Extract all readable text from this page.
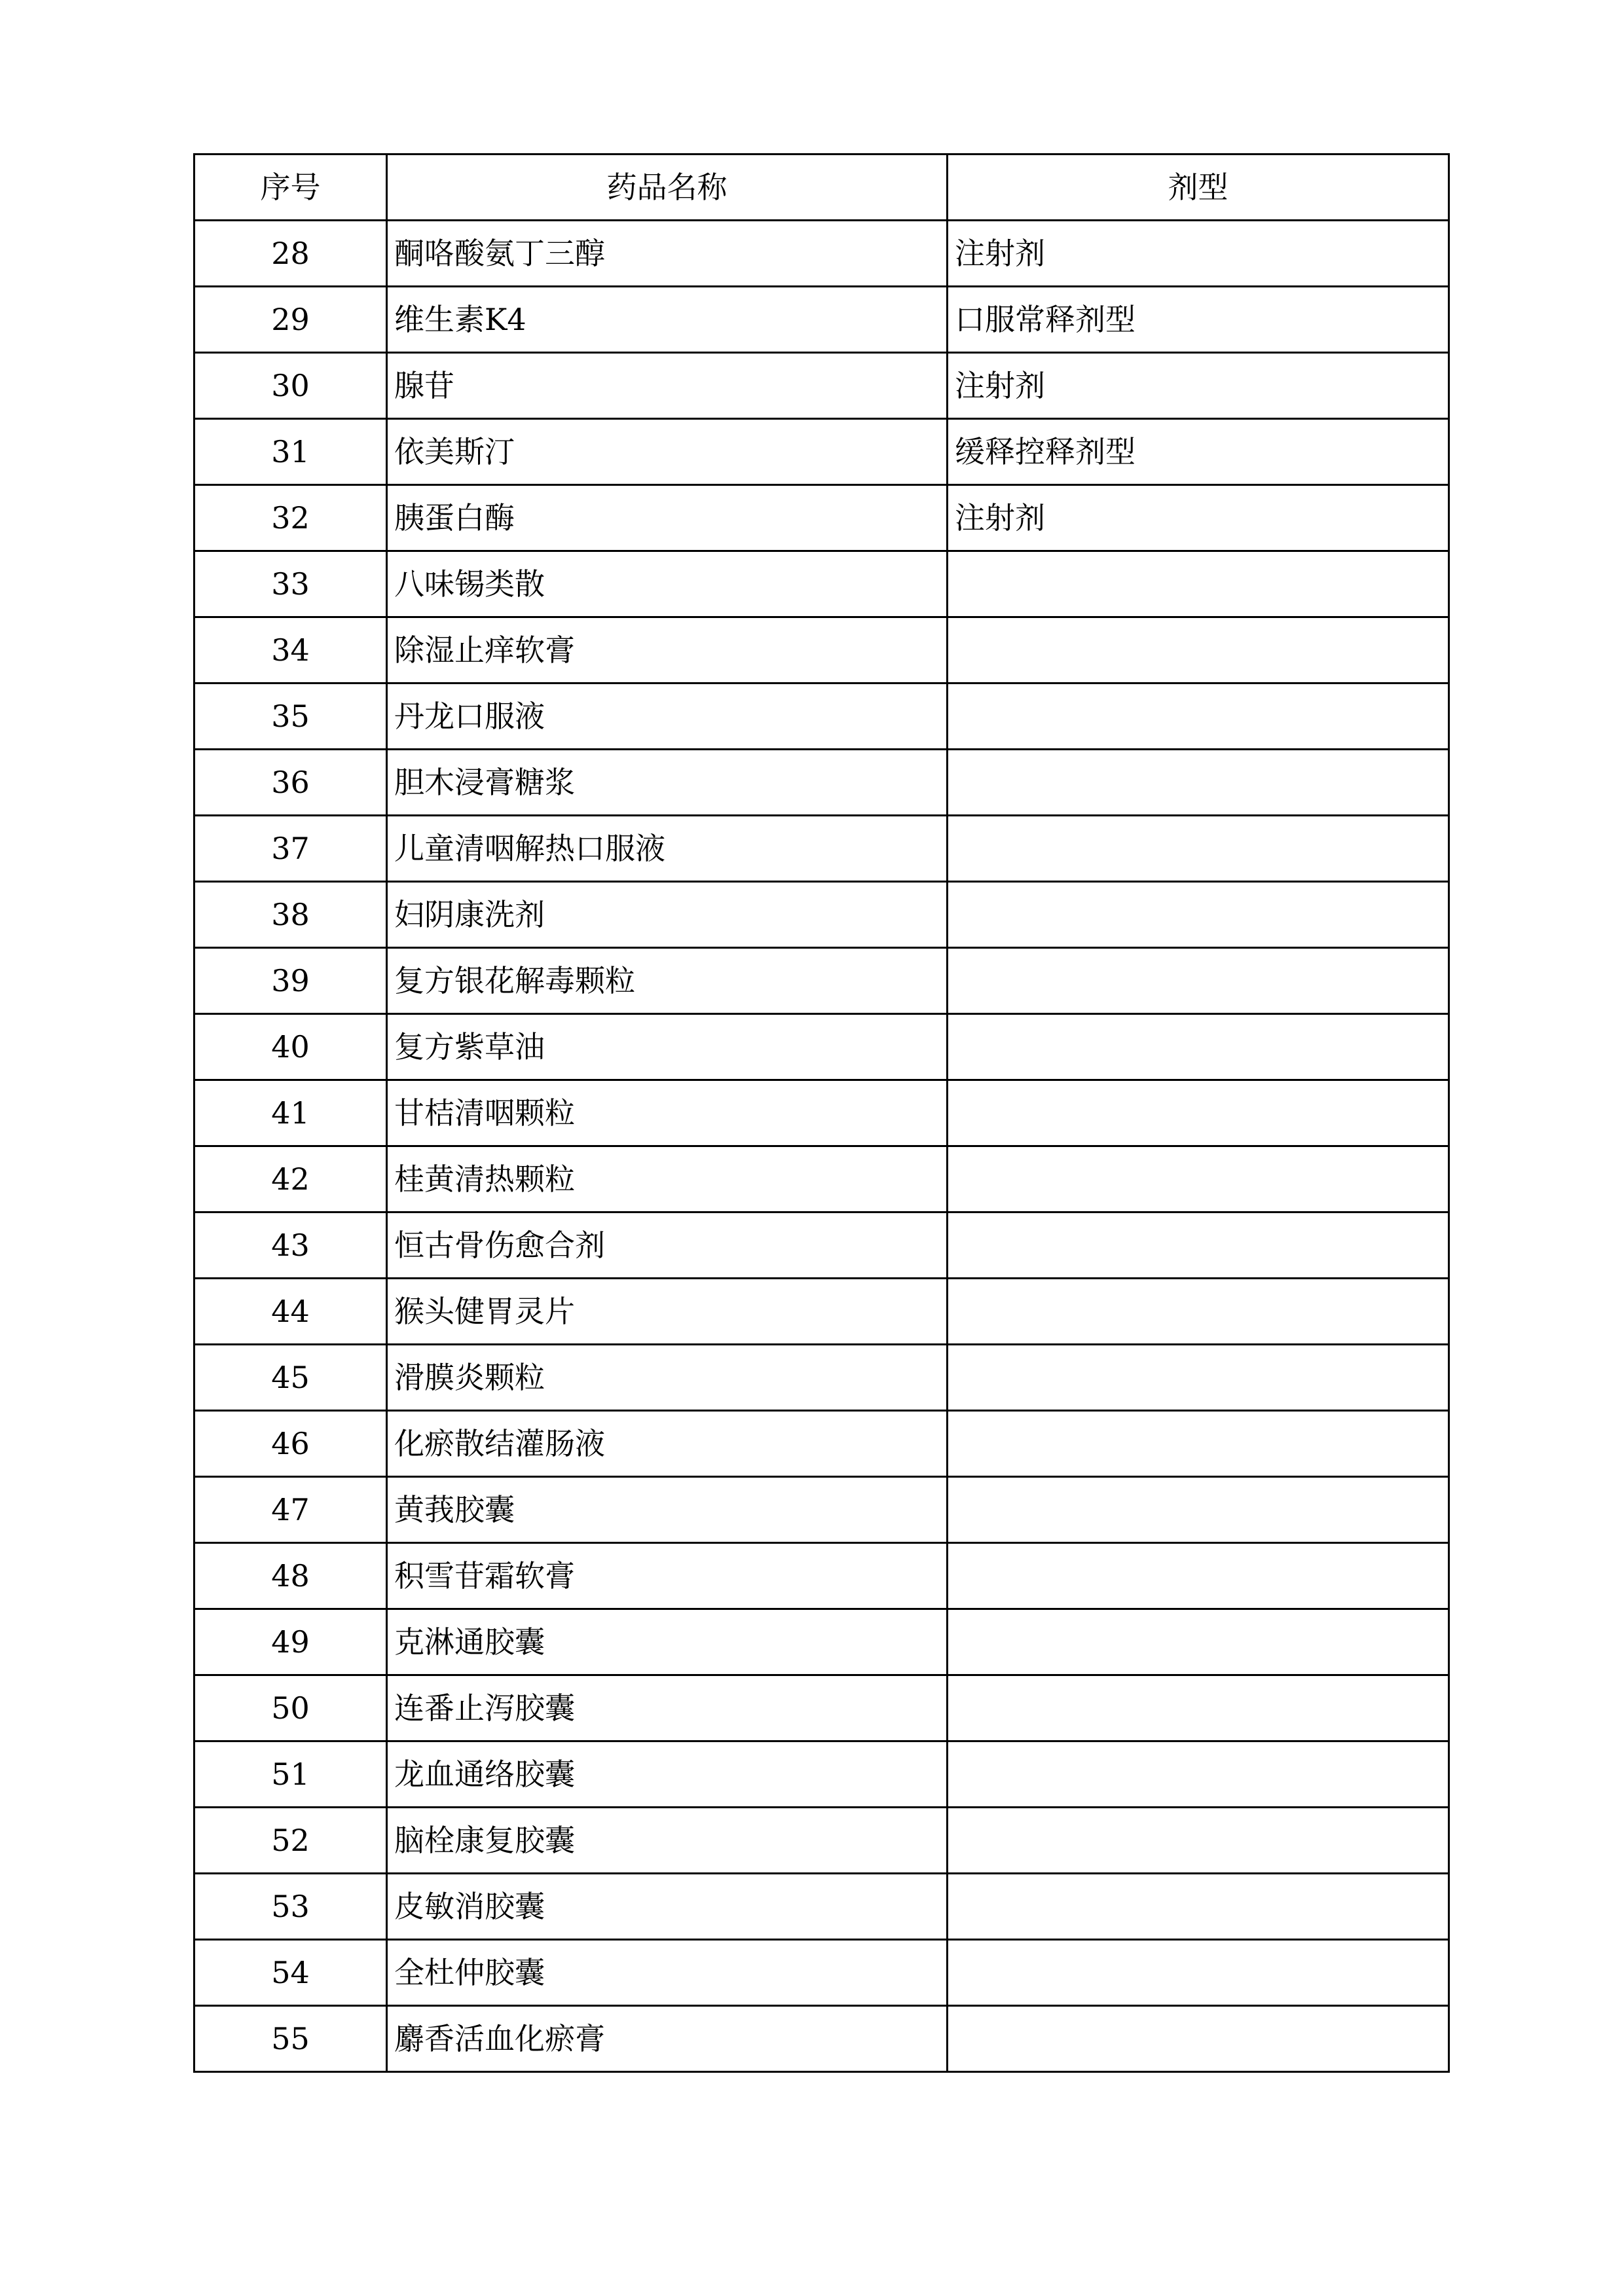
序号	药品名称	剂型
28	酮咯酸氨丁三醇	注射剂
29	维生素K4	口服常释剂型
30	腺苷	注射剂
31	依美斯汀	缓释控释剂型
32	胰蛋白酶	注射剂
33	八味锡类散	
34	除湿止痒软膏	
35	丹龙口服液	
36	胆木浸膏糖浆	
37	儿童清咽解热口服液	
38	妇阴康洗剂	
39	复方银花解毒颗粒	
40	复方紫草油	
41	甘桔清咽颗粒	
42	桂黄清热颗粒	
43	恒古骨伤愈合剂	
44	猴头健胃灵片	
45	滑膜炎颗粒	
46	化瘀散结灌肠液	
47	黄莪胶囊	
48	积雪苷霜软膏	
49	克淋通胶囊	
50	连番止泻胶囊	
51	龙血通络胶囊	
52	脑栓康复胶囊	
53	皮敏消胶囊	
54	全杜仲胶囊	
55	麝香活血化瘀膏	
